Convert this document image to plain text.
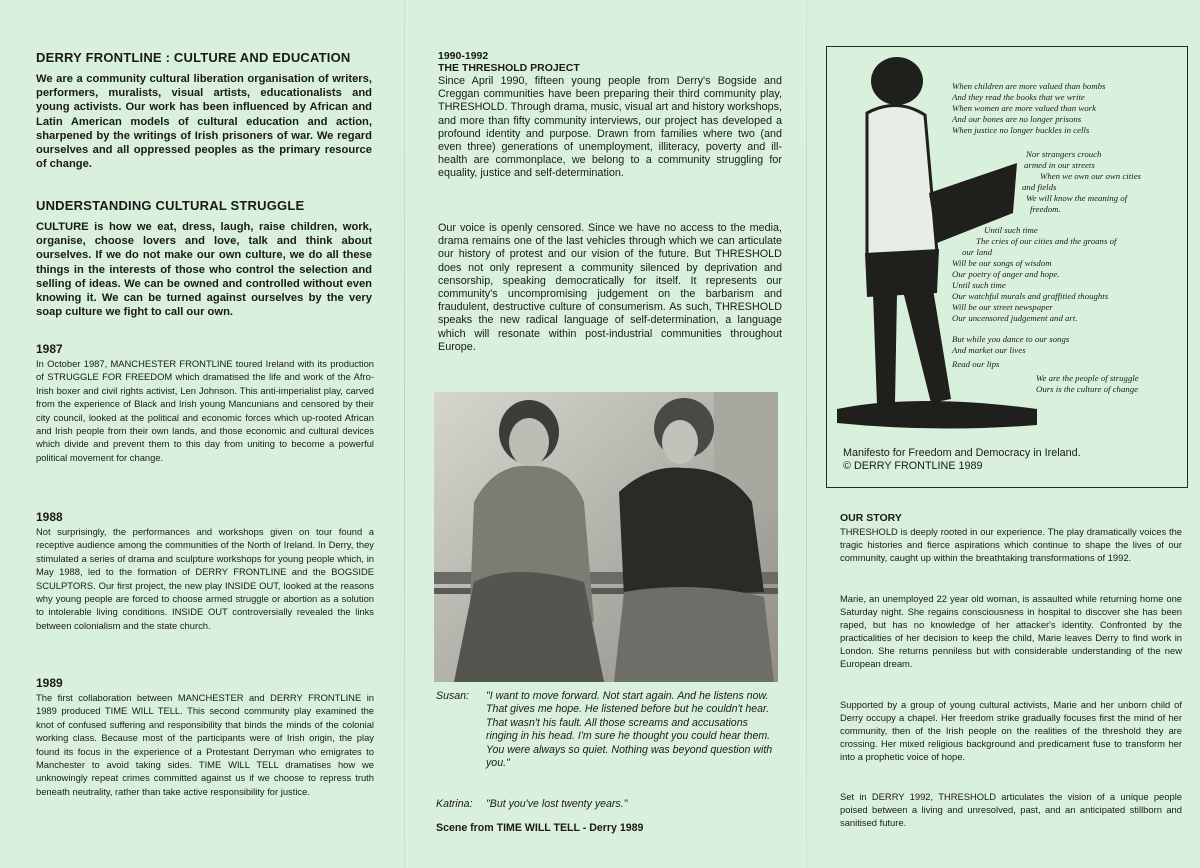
DERRY FRONTLINE : CULTURE AND EDUCATION

We are a community cultural liberation organisation of writers, performers, muralists, visual artists, educationalists and young activists. Our work has been influenced by African and Latin American models of cultural education and action, sharpened by the writings of Irish prisoners of war. We regard ourselves and all oppressed peoples as the primary resource of change.

UNDERSTANDING CULTURAL STRUGGLE

CULTURE is how we eat, dress, laugh, raise children, work, organise, choose lovers and love, talk and think about ourselves. If we do not make our own culture, we do all these things in the interests of those who control the selection and selling of ideas. We can be owned and controlled without even knowing it. We can be turned against ourselves by the very soap culture we fight to call our own.

1987

In October 1987, MANCHESTER FRONTLINE toured Ireland with its production of STRUGGLE FOR FREEDOM which dramatised the life and work of the Afro-Irish boxer and civil rights activist, Len Johnson. This anti-imperialist play, carved from the experience of Black and Irish young Mancunians and censored by their city council, looked at the political and economic forces which up-rooted African and Irish people from their own lands, and those economic and cultural devices which divide and prevent them to this day from uniting to become a powerful political movement for change.

1988

Not surprisingly, the performances and workshops given on tour found a receptive audience among the communities of the North of Ireland. In Derry, they stimulated a series of drama and sculpture workshops for young people which, in May 1988, led to the formation of DERRY FRONTLINE and the BOGSIDE SCULPTORS. Our first project, the new play INSIDE OUT, looked at the reasons why young people are forced to choose armed struggle or abortion as a solution to intolerable living conditions. INSIDE OUT controversially revealed the links between colonialism and the state church.

1989

The first collaboration between MANCHESTER and DERRY FRONTLINE in 1989 produced TIME WILL TELL. This second community play examined the knot of confused suffering and responsibility that binds the minds of the colonial working class. Because most of the participants were of Irish origin, the play found its focus in the experience of a Protestant Derryman who emigrates to Manchester to avoid taking sides. TIME WILL TELL dramatises how we unknowingly repeat crimes committed against us if we choose to repress truth beneath neutrality, rather than take active responsibility for justice.

1990-1992

THE THRESHOLD PROJECT

Since April 1990, fifteen young people from Derry's Bogside and Creggan communities have been preparing their third community play, THRESHOLD. Through drama, music, visual art and history workshops, and more than fifty community interviews, our project has developed a profound identity and purpose. Drawn from families where two (and even three) generations of unemployment, illiteracy, poverty and ill-health are commonplace, we belong to a community struggling for equality, justice and self-determination.

Our voice is openly censored. Since we have no access to the media, drama remains one of the last vehicles through which we can articulate our history of protest and our vision of the future. But THRESHOLD does not only represent a community silenced by deprivation and censorship, speaking democratically for itself. It represents our community's uncompromising judgement on the barbarism and fraudulent, destructive culture of consumerism. As such, THRESHOLD speaks the new radical language of self-determination, a language which will resonate within post-industrial communities throughout Europe.

Susan: "I want to move forward. Not start again. And he listens now. That gives me hope. He listened before but he couldn't hear. That wasn't his fault. All those screams and accusations ringing in his head. I'm sure he thought you could hear them. You were always so quiet. Nothing was beyond question with you."
Katrina: "But you've lost twenty years."

Scene from TIME WILL TELL - Derry 1989

When children are more valued than bombs
And they read the books that we write
When women are more valued than work
And our bones are no longer prisons
When justice no longer buckles in cells
Nor strangers crouch
armed in our streets
When we own our own cities
and fields
We will know the meaning of
freedom.
Until such time
The cries of our cities and the groans of
our land
Will be our songs of wisdom
Our poetry of anger and hope.
Until such time
Our watchful murals and graffitied thoughts
Will be our street newspaper
Our uncensored judgement and art.
But while you dance to our songs
And market our lives
Read our lips
We are the people of struggle
Ours is the culture of change

Manifesto for Freedom and Democracy in Ireland.
© DERRY FRONTLINE 1989

OUR STORY

THRESHOLD is deeply rooted in our experience. The play dramatically voices the tragic histories and fierce aspirations which continue to shape the lives of our community, caught up within the breathtaking transformations of 1992.

Marie, an unemployed 22 year old woman, is assaulted while returning home one Saturday night. She regains consciousness in hospital to discover she has been raped, but has no knowledge of her attacker's identity. Confronted by the practicalities of her decision to keep the child, Marie leaves Derry to find work in London. She returns penniless but with considerable understanding of the new European dream.

Supported by a group of young cultural activists, Marie and her unborn child of Derry occupy a chapel. Her freedom strike gradually focuses first the mind of her community, then of the Irish people on the realities of the threshold they are crossing. Her mixed religious background and predicament fuse to transform her into a prophetic voice of hope.

Set in DERRY 1992, THRESHOLD articulates the vision of a unique people poised between a living and unresolved, past, and an anticipated stillborn and sanitised future.
